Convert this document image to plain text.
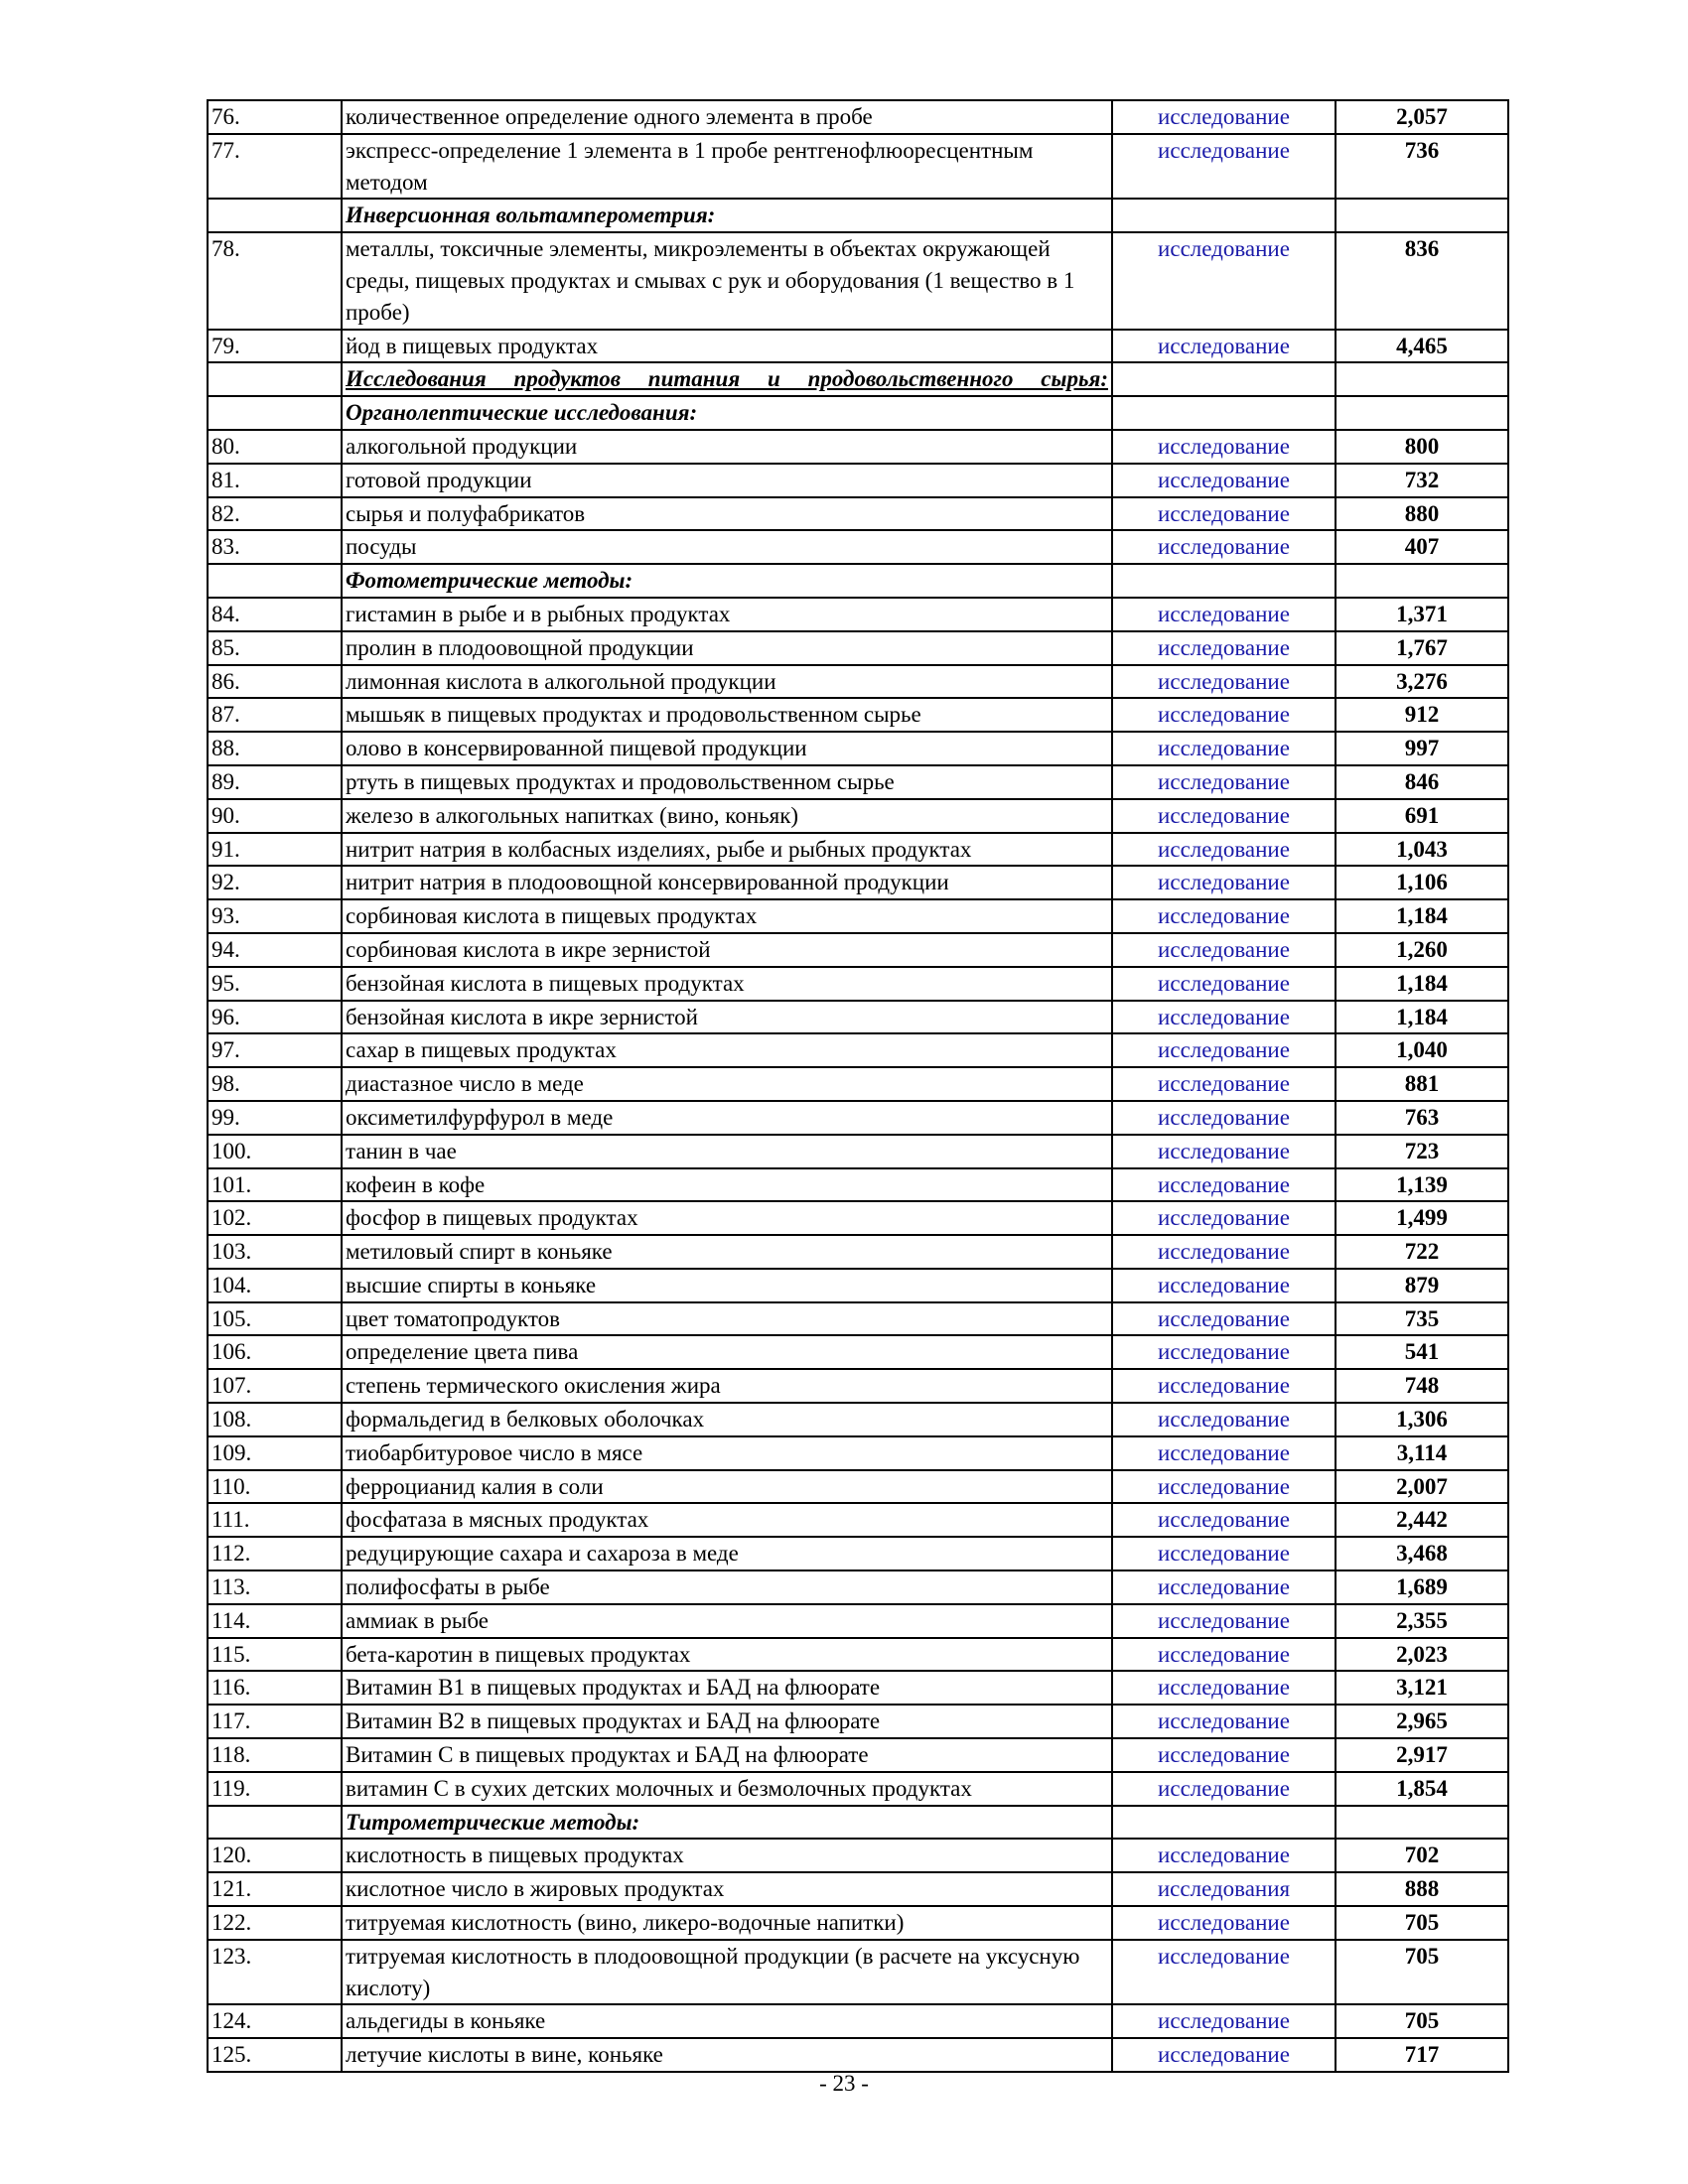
76.	количественное определение одного элемента в пробе	исследование	2,057
77.	экспресс-определение 1 элемента в 1 пробе рентгенофлюоресцентным методом	исследование	736
	Инверсионная вольтамперометрия:		
78.	металлы, токсичные элементы, микроэлементы в объектах окружающей среды, пищевых продуктах и смывах с рук и оборудования (1 вещество в 1 пробе)	исследование	836
79.	йод в пищевых продуктах	исследование	4,465
	Исследования продуктов питания и продовольственного сырья:		
	Органолептические исследования:		
80.	алкогольной продукции	исследование	800
81.	готовой продукции	исследование	732
82.	сырья и полуфабрикатов	исследование	880
83.	посуды	исследование	407
	Фотометрические методы:		
84.	гистамин в рыбе и в рыбных продуктах	исследование	1,371
85.	пролин в плодоовощной продукции	исследование	1,767
86.	лимонная кислота в алкогольной продукции	исследование	3,276
87.	мышьяк в пищевых продуктах и продовольственном сырье	исследование	912
88.	олово в консервированной пищевой продукции	исследование	997
89.	ртуть в пищевых продуктах и продовольственном сырье	исследование	846
90.	железо в алкогольных напитках (вино, коньяк)	исследование	691
91.	нитрит натрия в колбасных изделиях, рыбе и рыбных продуктах	исследование	1,043
92.	нитрит натрия в плодоовощной консервированной продукции	исследование	1,106
93.	сорбиновая кислота в пищевых продуктах	исследование	1,184
94.	сорбиновая кислота в икре зернистой	исследование	1,260
95.	бензойная кислота в пищевых продуктах	исследование	1,184
96.	бензойная кислота в икре зернистой	исследование	1,184
97.	сахар в пищевых продуктах	исследование	1,040
98.	диастазное число в меде	исследование	881
99.	оксиметилфурфурол в меде	исследование	763
100.	танин в чае	исследование	723
101.	кофеин в кофе	исследование	1,139
102.	фосфор в пищевых продуктах	исследование	1,499
103.	метиловый спирт в коньяке	исследование	722
104.	высшие спирты в коньяке	исследование	879
105.	цвет томатопродуктов	исследование	735
106.	определение цвета пива	исследование	541
107.	степень термического окисления жира	исследование	748
108.	формальдегид в белковых оболочках	исследование	1,306
109.	тиобарбитуровое число в мясе	исследование	3,114
110.	ферроцианид калия в соли	исследование	2,007
111.	фосфатаза в мясных продуктах	исследование	2,442
112.	редуцирующие сахара и сахароза в меде	исследование	3,468
113.	полифосфаты в рыбе	исследование	1,689
114.	аммиак в рыбе	исследование	2,355
115.	бета-каротин в пищевых продуктах	исследование	2,023
116.	Витамин В1 в пищевых продуктах и БАД на флюорате	исследование	3,121
117.	Витамин В2 в пищевых продуктах и БАД на флюорате	исследование	2,965
118.	Витамин С в пищевых продуктах и БАД на флюорате	исследование	2,917
119.	витамин С в сухих детских молочных и безмолочных продуктах	исследование	1,854
	Титрометрические методы:		
120.	кислотность в пищевых продуктах	исследование	702
121.	кислотное число в жировых продуктах	исследования	888
122.	титруемая кислотность (вино, ликеро-водочные напитки)	исследование	705
123.	титруемая кислотность в плодоовощной продукции (в расчете на уксусную кислоту)	исследование	705
124.	альдегиды в коньяке	исследование	705
125.	летучие кислоты в вине, коньяке	исследование	717
- 23 -
